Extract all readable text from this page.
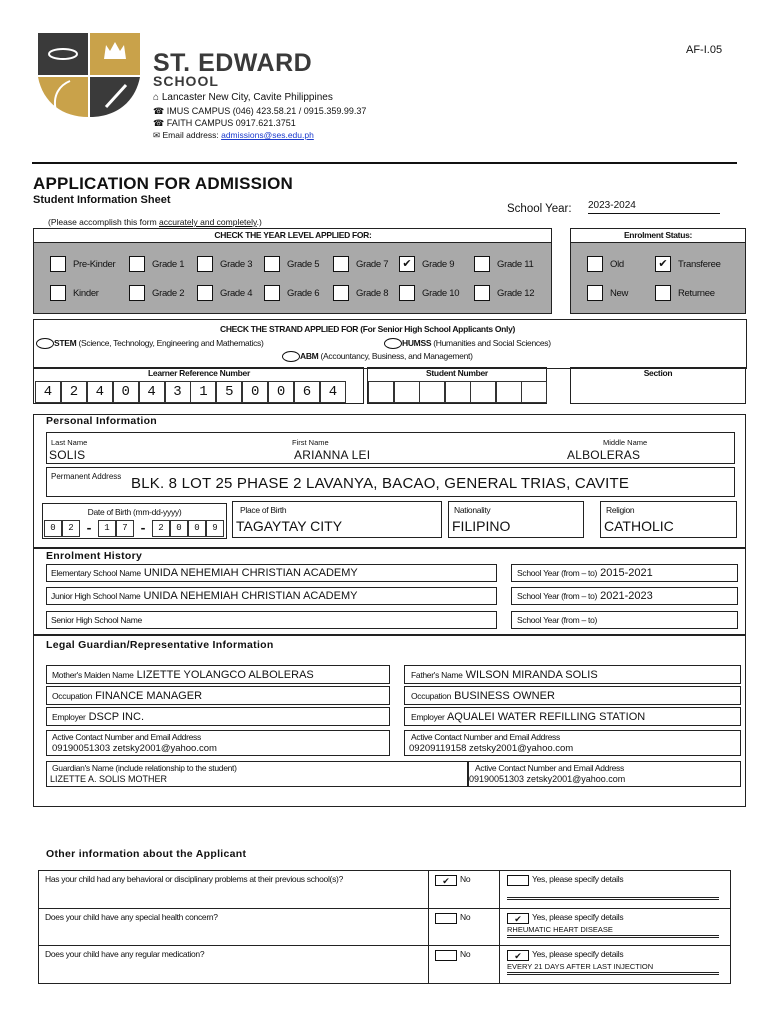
ST. EDWARD
SCHOOL
⌂ Lancaster New City, Cavite Philippines
☎ IMUS CAMPUS (046) 423.58.21 / 0915.359.99.37
☎ FAITH CAMPUS 0917.621.3751
✉ Email address: admissions@ses.edu.ph
AF-I.05
APPLICATION FOR ADMISSION
Student Information Sheet
School Year: 2023-2024
(Please accomplish this form accurately and completely.)
CHECK THE YEAR LEVEL APPLIED FOR:
Pre-Kinder	Grade 1	Grade 3	Grade 5	Grade 7	✔	Grade 9	Grade 11
Kinder	Grade 2	Grade 4	Grade 6	Grade 8	Grade 10	Grade 12
Enrolment Status:
Old	✔	Transferee
New	Returnee
CHECK THE STRAND APPLIED FOR (For Senior High School Applicants Only)
STEM (Science, Technology, Engineering and Mathematics)	HUMSS (Humanities and Social Sciences)
ABM (Accountancy, Business, and Management)
Learner Reference Number
4	2	4	0	4	3	1	5	0	0	6	4
Student Number	Section
Personal Information
Last Name
SOLIS
First Name
ARIANNA LEI
Middle Name
ALBOLERAS
Permanent Address BLK. 8 LOT 25 PHASE 2 LAVANYA, BACAO, GENERAL TRIAS, CAVITE
Date of Birth (mm-dd-yyyy)
0	2 -	1	7 -	2	0	0	9
Place of Birth
TAGAYTAY CITY
Nationality
FILIPINO
Religion
CATHOLIC
Enrolment History
Elementary School Name UNIDA NEHEMIAH CHRISTIAN ACADEMY	School Year (from – to) 2015-2021
Junior High School Name UNIDA NEHEMIAH CHRISTIAN ACADEMY	School Year (from – to) 2021-2023
Senior High School Name	School Year (from – to)
Legal Guardian/Representative Information
Mother's Maiden Name LIZETTE YOLANGCO ALBOLERAS	Father's Name WILSON MIRANDA SOLIS
Occupation FINANCE MANAGER	Occupation BUSINESS OWNER
Employer DSCP INC.	Employer AQUALEI WATER REFILLING STATION
Active Contact Number and Email Address
09190051303 zetsky2001@yahoo.com
Active Contact Number and Email Address
09209119158 zetsky2001@yahoo.com
Guardian's Name (include relationship to the student)
LIZETTE A. SOLIS MOTHER
Active Contact Number and Email Address
09190051303 zetsky2001@yahoo.com
Other information about the Applicant
Has your child had any behavioral or disciplinary problems at their previous school(s)?	✔	No	Yes, please specify details
Does your child have any special health concern?	No	✔	Yes, please specify details
RHEUMATIC HEART DISEASE
Does your child have any regular medication?	No	✔	Yes, please specify details
EVERY 21 DAYS AFTER LAST INJECTION
